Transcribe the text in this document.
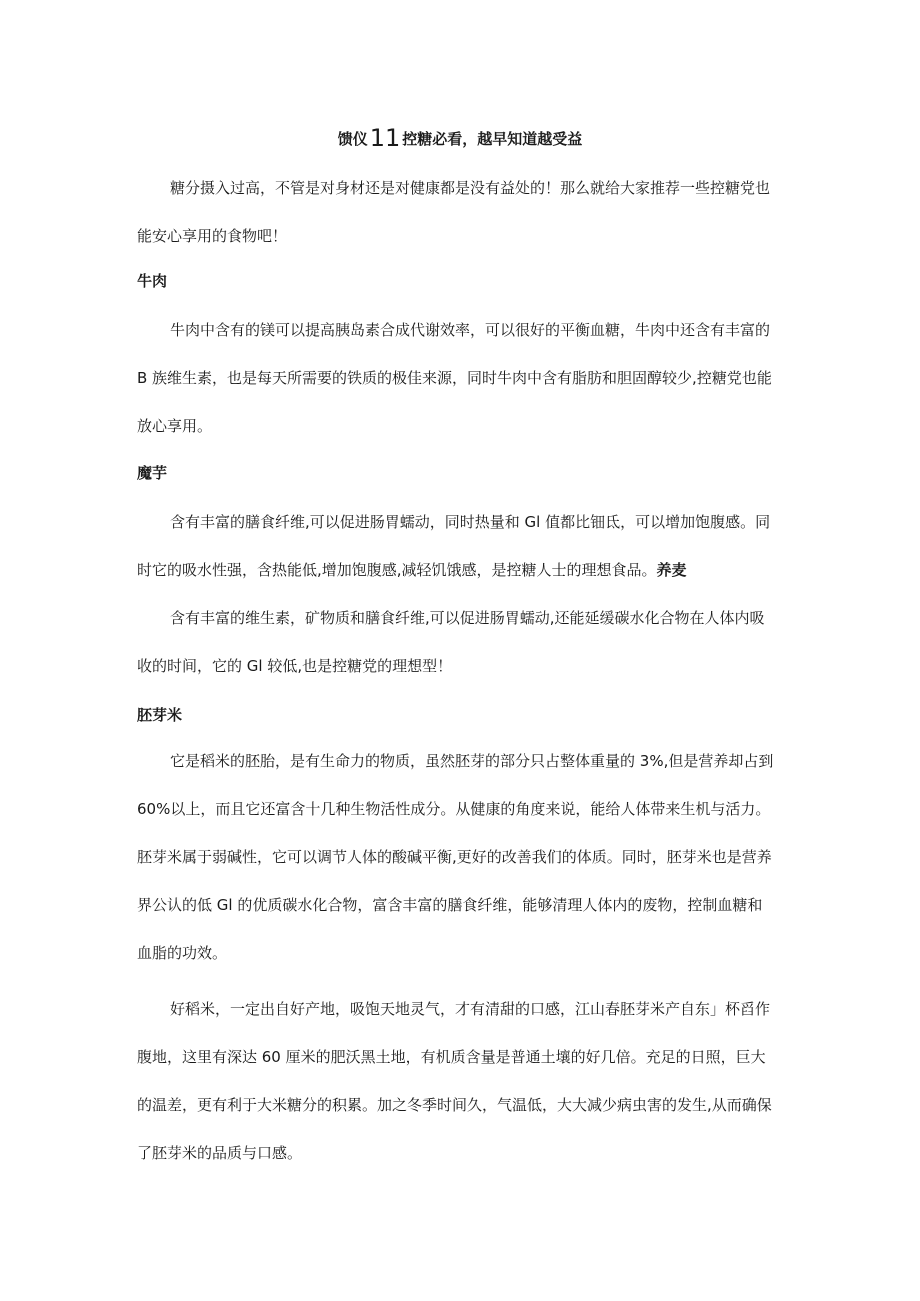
馈仪11 控糖必看，越早知道越受益

糖分摄入过高，不管是对身材还是对健康都是没有益处的！那么就给大家推荐一些控糖党也
能安心享用的食物吧！

牛肉

牛肉中含有的镁可以提高胰岛素合成代谢效率，可以很好的平衡血糖，牛肉中还含有丰富的
B 族维生素，也是每天所需要的铁质的极佳来源，同时牛肉中含有脂肪和胆固醇较少,控糖党也能
放心享用。

魔芋

含有丰富的膳食纤维,可以促进肠胃蠕动，同时热量和 Gl 值都比钿氐，可以增加饱腹感。同
时它的吸水性强，含热能低,增加饱腹感,减轻饥饿感，是控糖人士的理想食品。养麦

含有丰富的维生素，矿物质和膳食纤维,可以促进肠胃蠕动,还能延缓碳水化合物在人体内吸
收的时间，它的 Gl 较低,也是控糖党的理想型！

胚芽米

它是稻米的胚胎，是有生命力的物质，虽然胚芽的部分只占整体重量的 3%,但是营养却占到
60%以上，而且它还富含十几种生物活性成分。从健康的角度来说，能给人体带来生机与活力。
胚芽米属于弱碱性，它可以调节人体的酸碱平衡,更好的改善我们的体质。同时，胚芽米也是营养
界公认的低 Gl 的优质碳水化合物，富含丰富的膳食纤维，能够清理人体内的废物，控制血糖和
血脂的功效。

好稻米，一定出自好产地，吸饱天地灵气，才有清甜的口感，江山春胚芽米产自东」杯舀作
腹地，这里有深达 60 厘米的肥沃黑土地，有机质含量是普通土壤的好几倍。充足的日照，巨大
的温差，更有利于大米糖分的积累。加之冬季时间久，气温低，大大减少病虫害的发生,从而确保
了胚芽米的品质与口感。
